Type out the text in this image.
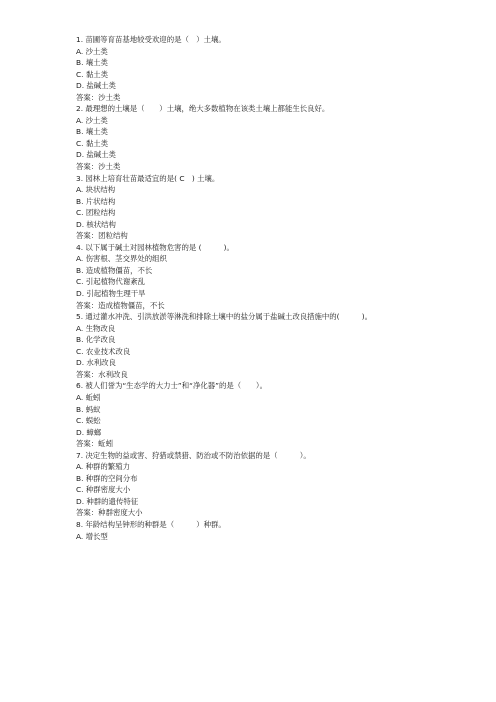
1. 苗圃等育苗基地较受欢迎的是（　）土壤。
A. 沙土类
B. 壤土类
C. 黏土类
D. 盐碱土类
答案：沙土类
2. 最理想的土壤是（　　）土壤，绝大多数植物在该类土壤上都能生长良好。
A. 沙土类
B. 壤土类
C. 黏土类
D. 盐碱土类
答案：沙土类
3. 园林上培育壮苗最适宜的是( C　) 土壤。
A. 块状结构
B. 片状结构
C. 团粒结构
D. 核状结构
答案：团粒结构
4. 以下属于碱土对园林植物危害的是 (　　　)。
A. 伤害根、茎交界处的组织
B. 造成植物僵苗，不长
C. 引起植物代谢紊乱
D. 引起植物生理干旱
答案：造成植物僵苗，不长
5. 通过灌水冲洗、引洪放淤等淋洗和排除土壤中的盐分属于盐碱土改良措施中的(　　　)。
A. 生物改良
B. 化学改良
C. 农业技术改良
D. 水利改良
答案：水利改良
6. 被人们誉为“生态学的大力士”和“净化器”的是（　　）。
A. 蚯蚓
B. 蚂蚁
C. 蜈蚣
D. 蟑螂
答案：蚯蚓
7. 决定生物的益或害、狩猎或禁猎、防治或不防治依据的是（　　　）。
A. 种群的繁殖力
B. 种群的空间分布
C. 种群密度大小
D. 种群的遗传特征
答案：种群密度大小
8. 年龄结构呈钟形的种群是（　　　）种群。
A. 增长型
